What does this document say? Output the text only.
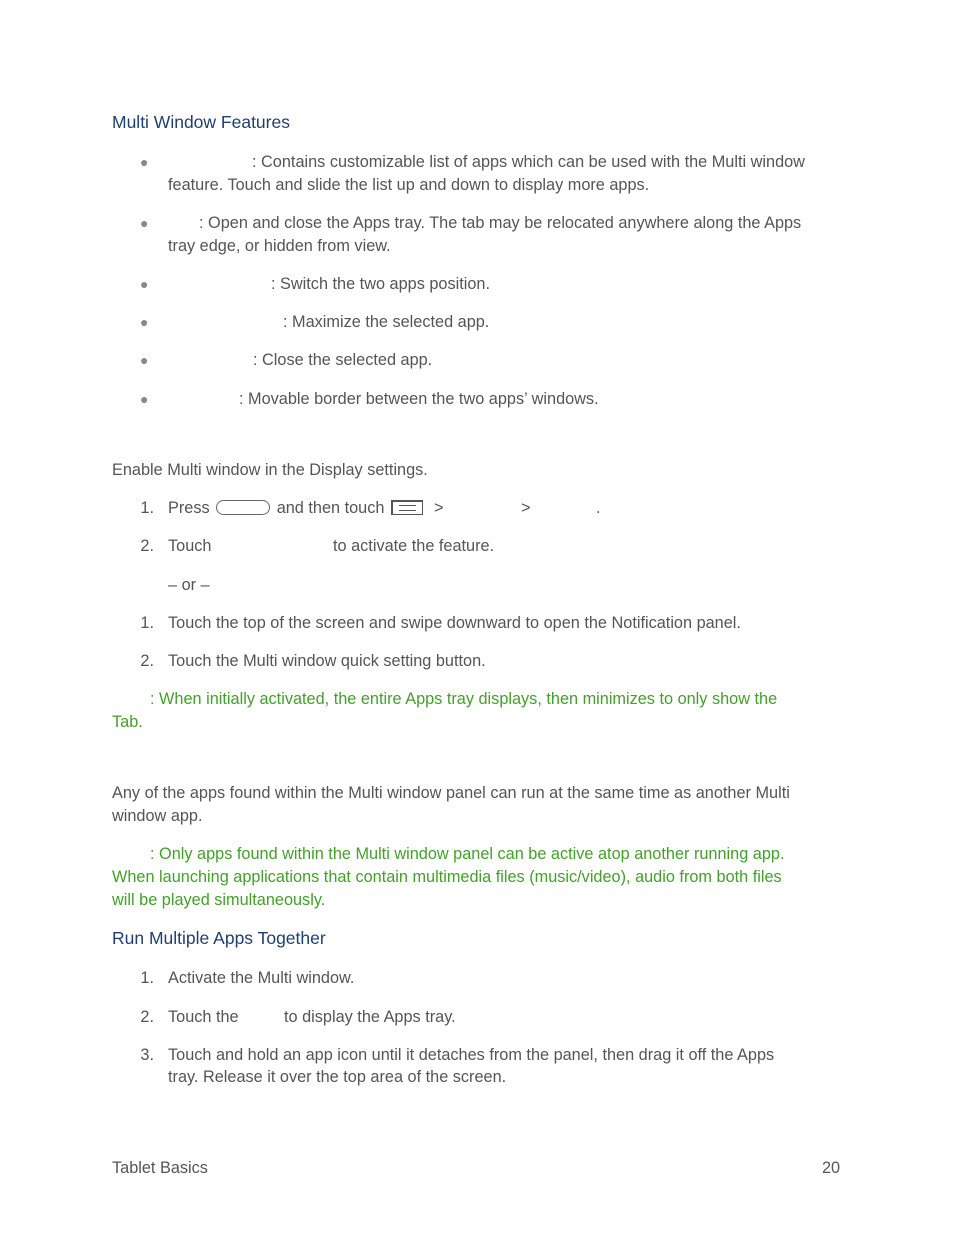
Multi Window Features
●	: Contains customizable list of apps which can be used with the Multi window
feature. Touch and slide the list up and down to display more apps.
●	: Open and close the Apps tray. The tab may be relocated anywhere along the Apps
tray edge, or hidden from view.
●	: Switch the two apps position.
●	: Maximize the selected app.
●	: Close the selected app.
●	: Movable border between the two apps’ windows.
Enable Multi window in the Display settings.
1. Press	and then touch	>	>	.
2. Touch	to activate the feature.
– or –
1. Touch the top of the screen and swipe downward to open the Notification panel.
2. Touch the Multi window quick setting button.
: When initially activated, the entire Apps tray displays, then minimizes to only show the
Tab.
Any of the apps found within the Multi window panel can run at the same time as another Multi
window app.
: Only apps found within the Multi window panel can be active atop another running app.
When launching applications that contain multimedia files (music/video), audio from both files
will be played simultaneously.
Run Multiple Apps Together
1. Activate the Multi window.
2. Touch the	to display the Apps tray.
3. Touch and hold an app icon until it detaches from the panel, then drag it off the Apps
tray. Release it over the top area of the screen.
Tablet Basics	20
